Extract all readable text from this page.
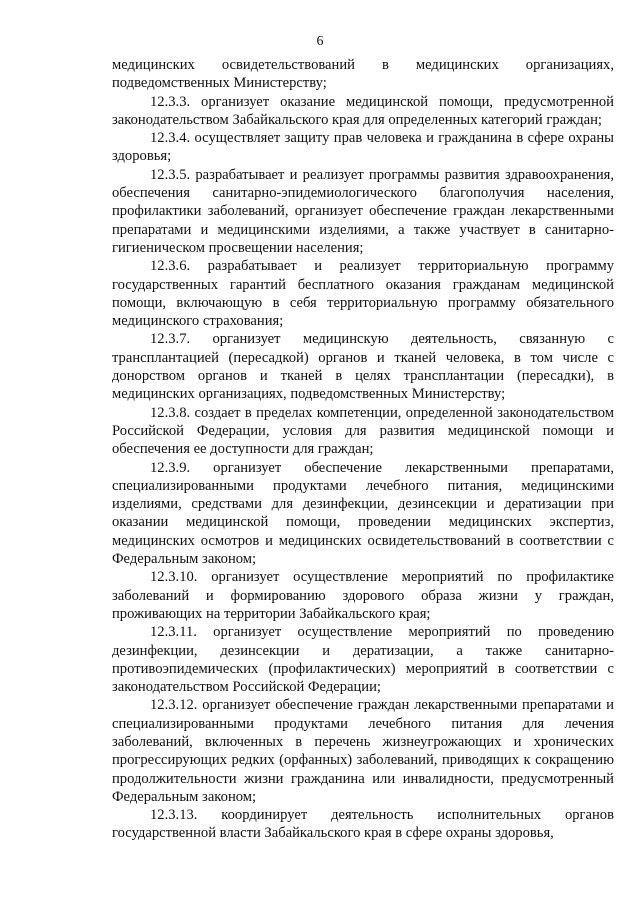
6

медицинских освидетельствований в медицинских организациях, подведомственных Министерству;

12.3.3. организует оказание медицинской помощи, предусмотренной законодательством Забайкальского края для определенных категорий граждан;

12.3.4. осуществляет защиту прав человека и гражданина в сфере охраны здоровья;

12.3.5. разрабатывает и реализует программы развития здравоохранения, обеспечения санитарно-эпидемиологического благополучия населения, профилактики заболеваний, организует обеспечение граждан лекарственными препаратами и медицинскими изделиями, а также участвует в санитарно-гигиеническом просвещении населения;

12.3.6. разрабатывает и реализует территориальную программу государственных гарантий бесплатного оказания гражданам медицинской помощи, включающую в себя территориальную программу обязательного медицинского страхования;

12.3.7. организует медицинскую деятельность, связанную с трансплантацией (пересадкой) органов и тканей человека, в том числе с донорством органов и тканей в целях трансплантации (пересадки), в медицинских организациях, подведомственных Министерству;

12.3.8. создает в пределах компетенции, определенной законодательством Российской Федерации, условия для развития медицинской помощи и обеспечения ее доступности для граждан;

12.3.9. организует обеспечение лекарственными препаратами, специализированными продуктами лечебного питания, медицинскими изделиями, средствами для дезинфекции, дезинсекции и дератизации при оказании медицинской помощи, проведении медицинских экспертиз, медицинских осмотров и медицинских освидетельствований в соответствии с Федеральным законом;

12.3.10. организует осуществление мероприятий по профилактике заболеваний и формированию здорового образа жизни у граждан, проживающих на территории Забайкальского края;

12.3.11. организует осуществление мероприятий по проведению дезинфекции, дезинсекции и дератизации, а также санитарно-противоэпидемических (профилактических) мероприятий в соответствии с законодательством Российской Федерации;

12.3.12. организует обеспечение граждан лекарственными препаратами и специализированными продуктами лечебного питания для лечения заболеваний, включенных в перечень жизнеугрожающих и хронических прогрессирующих редких (орфанных) заболеваний, приводящих к сокращению продолжительности жизни гражданина или инвалидности, предусмотренный Федеральным законом;

12.3.13. координирует деятельность исполнительных органов государственной власти Забайкальского края в сфере охраны здоровья,
